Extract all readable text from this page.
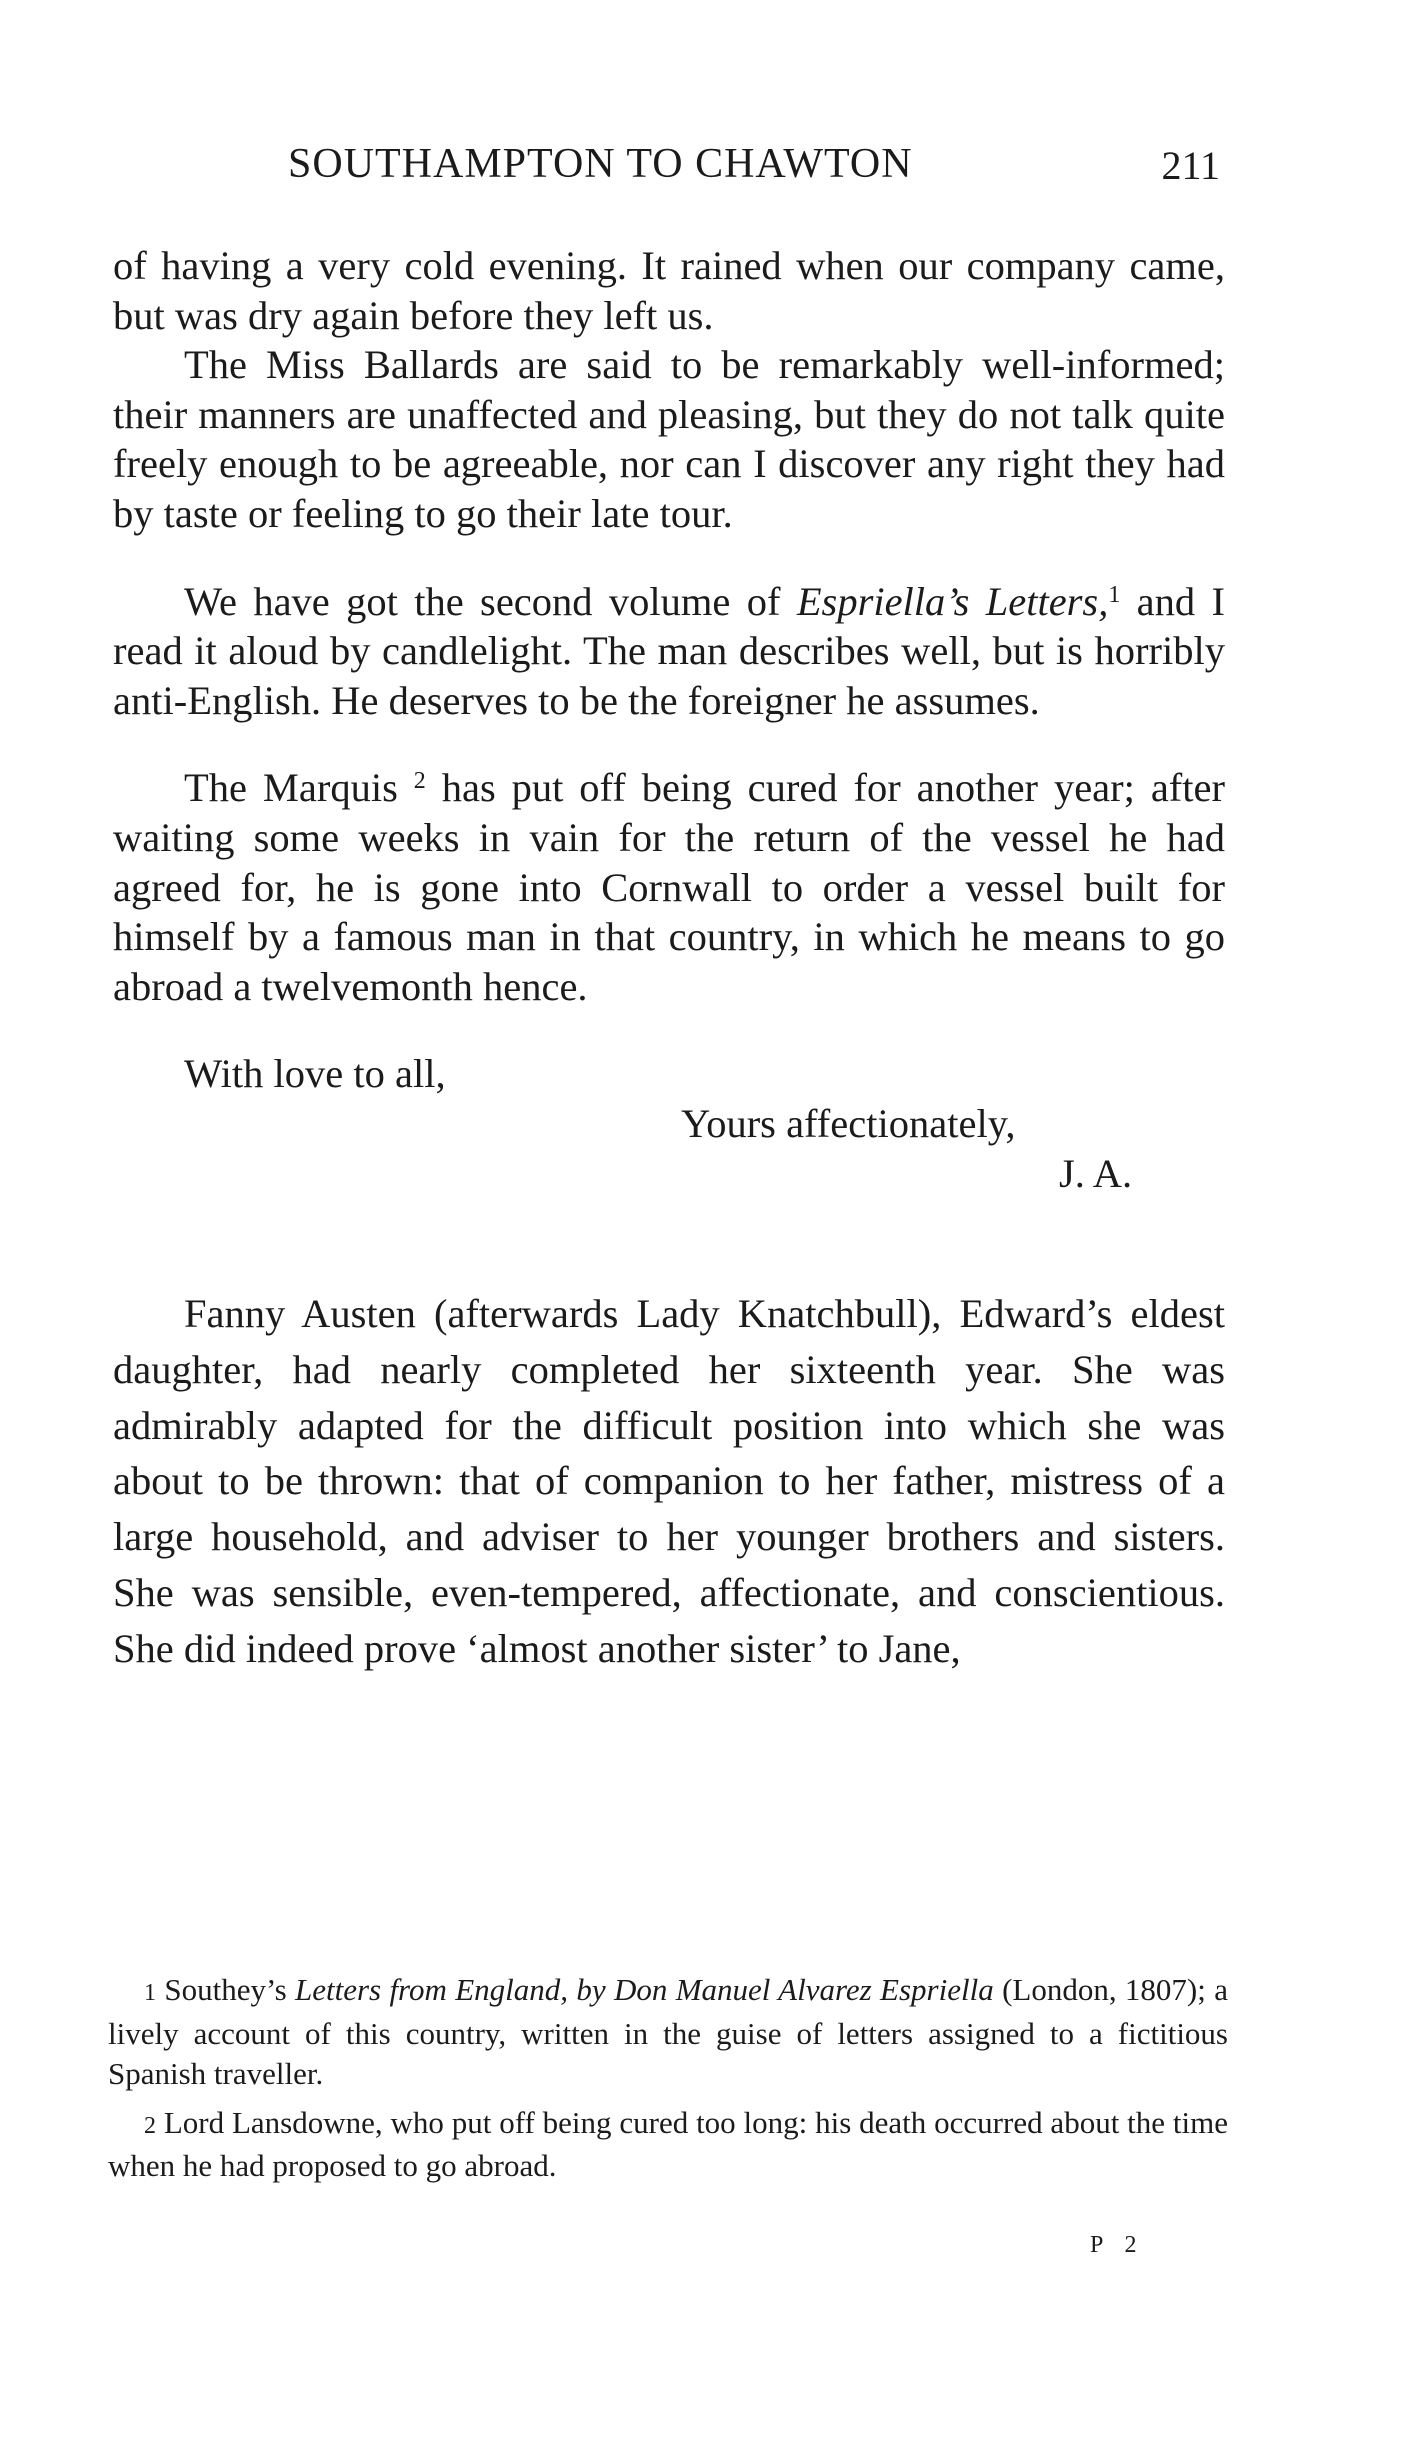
SOUTHAMPTON TO CHAWTON	211

of having a very cold evening. It rained when our company came, but was dry again before they left us.

The Miss Ballards are said to be remarkably well-informed; their manners are unaffected and pleasing, but they do not talk quite freely enough to be agreeable, nor can I discover any right they had by taste or feeling to go their late tour.

We have got the second volume of Espriella’s Letters,$^1$ and I read it aloud by candlelight. The man describes well, but is horribly anti-English. He deserves to be the foreigner he assumes.

The Marquis $^2$ has put off being cured for another year; after waiting some weeks in vain for the return of the vessel he had agreed for, he is gone into Cornwall to order a vessel built for himself by a famous man in that country, in which he means to go abroad a twelvemonth hence.

With love to all,

Yours affectionately,

J. A.

Fanny Austen (afterwards Lady Knatchbull), Edward’s eldest daughter, had nearly completed her sixteenth year. She was admirably adapted for the difficult position into which she was about to be thrown: that of companion to her father, mistress of a large household, and adviser to her younger brothers and sisters. She was sensible, even-tempered, affectionate, and conscientious. She did indeed prove ‘almost another sister’ to Jane,

1 Southey’s Letters from England, by Don Manuel Alvarez Espriella (London, 1807); a lively account of this country, written in the guise of letters assigned to a fictitious Spanish traveller.

2 Lord Lansdowne, who put off being cured too long: his death occurred about the time when he had proposed to go abroad.

P 2
